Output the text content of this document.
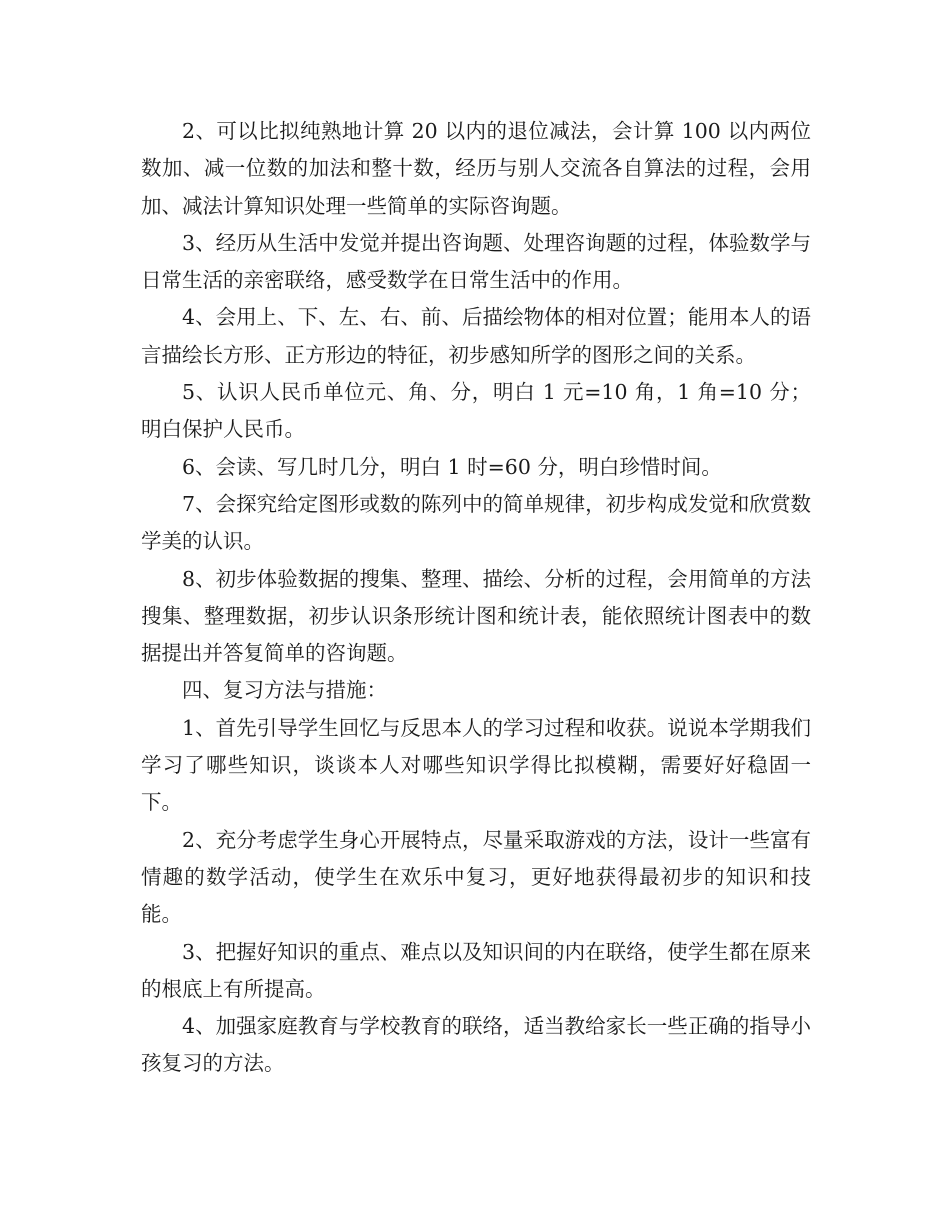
2、可以比拟纯熟地计算 20 以内的退位减法，会计算 100 以内两位数加、减一位数的加法和整十数，经历与别人交流各自算法的过程，会用加、减法计算知识处理一些简单的实际咨询题。

3、经历从生活中发觉并提出咨询题、处理咨询题的过程，体验数学与日常生活的亲密联络，感受数学在日常生活中的作用。

4、会用上、下、左、右、前、后描绘物体的相对位置；能用本人的语言描绘长方形、正方形边的特征，初步感知所学的图形之间的关系。

5、认识人民币单位元、角、分，明白 1 元=10 角，1 角=10 分；明白保护人民币。

6、会读、写几时几分，明白 1 时=60 分，明白珍惜时间。

7、会探究给定图形或数的陈列中的简单规律，初步构成发觉和欣赏数学美的认识。

8、初步体验数据的搜集、整理、描绘、分析的过程，会用简单的方法搜集、整理数据，初步认识条形统计图和统计表，能依照统计图表中的数据提出并答复简单的咨询题。

四、复习方法与措施：

1、首先引导学生回忆与反思本人的学习过程和收获。说说本学期我们学习了哪些知识，谈谈本人对哪些知识学得比拟模糊，需要好好稳固一下。

2、充分考虑学生身心开展特点，尽量采取游戏的方法，设计一些富有情趣的数学活动，使学生在欢乐中复习，更好地获得最初步的知识和技能。

3、把握好知识的重点、难点以及知识间的内在联络，使学生都在原来的根底上有所提高。

4、加强家庭教育与学校教育的联络，适当教给家长一些正确的指导小孩复习的方法。
